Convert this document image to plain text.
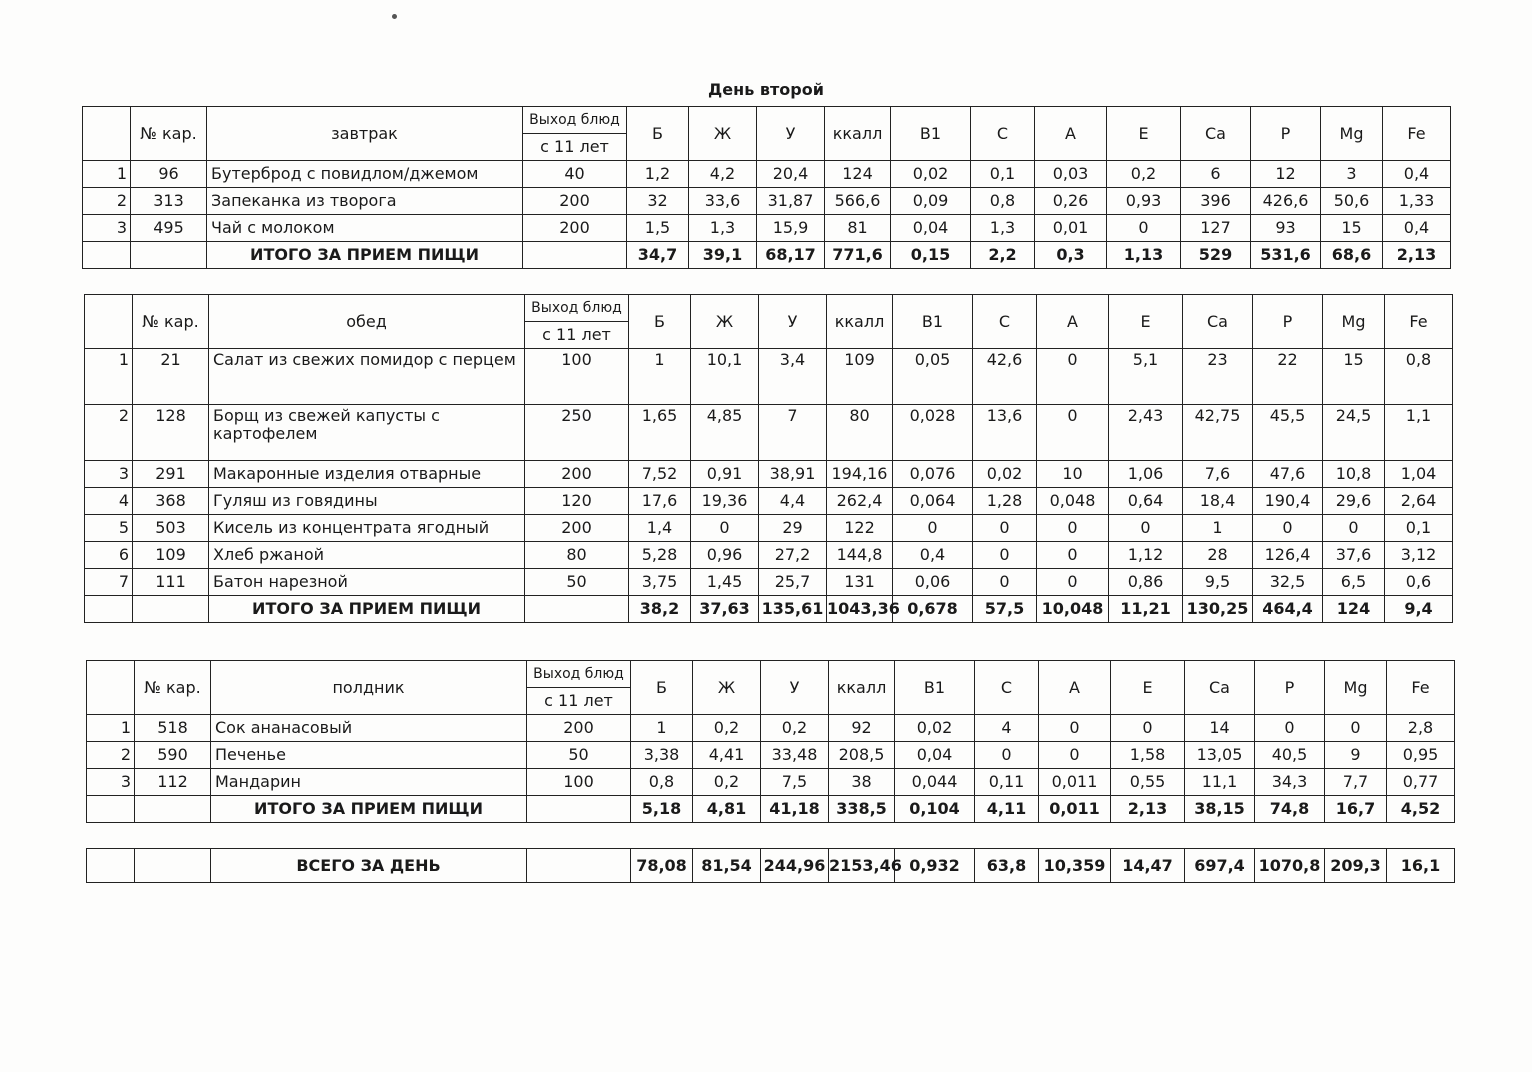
День второй
	№ кар.	завтрак	Выход блюд	Б	Ж	У	ккалл	В1	С	А	Е	Са	Р	Mg	Fe
			с 11 лет												
1	96	Бутерброд с повидлом/джемом	40	1,2	4,2	20,4	124	0,02	0,1	0,03	0,2	6	12	3	0,4
2	313	Запеканка из творога	200	32	33,6	31,87	566,6	0,09	0,8	0,26	0,93	396	426,6	50,6	1,33
3	495	Чай с молоком	200	1,5	1,3	15,9	81	0,04	1,3	0,01	0	127	93	15	0,4
		ИТОГО ЗА ПРИЕМ ПИЩИ		34,7	39,1	68,17	771,6	0,15	2,2	0,3	1,13	529	531,6	68,6	2,13
	№ кар.	обед	Выход блюд	Б	Ж	У	ккалл	В1	С	А	Е	Са	Р	Mg	Fe
			с 11 лет												
1	21	Салат из свежих помидор с перцем	100	1	10,1	3,4	109	0,05	42,6	0	5,1	23	22	15	0,8
2	128	Борщ из свежей капусты с картофелем	250	1,65	4,85	7	80	0,028	13,6	0	2,43	42,75	45,5	24,5	1,1
3	291	Макаронные изделия отварные	200	7,52	0,91	38,91	194,16	0,076	0,02	10	1,06	7,6	47,6	10,8	1,04
4	368	Гуляш из говядины	120	17,6	19,36	4,4	262,4	0,064	1,28	0,048	0,64	18,4	190,4	29,6	2,64
5	503	Кисель из концентрата ягодный	200	1,4	0	29	122	0	0	0	0	1	0	0	0,1
6	109	Хлеб ржаной	80	5,28	0,96	27,2	144,8	0,4	0	0	1,12	28	126,4	37,6	3,12
7	111	Батон нарезной	50	3,75	1,45	25,7	131	0,06	0	0	0,86	9,5	32,5	6,5	0,6
		ИТОГО ЗА ПРИЕМ ПИЩИ		38,2	37,63	135,61	1043,36	0,678	57,5	10,048	11,21	130,25	464,4	124	9,4
	№ кар.	полдник	Выход блюд	Б	Ж	У	ккалл	В1	С	А	Е	Са	Р	Mg	Fe
			с 11 лет												
1	518	Сок ананасовый	200	1	0,2	0,2	92	0,02	4	0	0	14	0	0	2,8
2	590	Печенье	50	3,38	4,41	33,48	208,5	0,04	0	0	1,58	13,05	40,5	9	0,95
3	112	Мандарин	100	0,8	0,2	7,5	38	0,044	0,11	0,011	0,55	11,1	34,3	7,7	0,77
		ИТОГО ЗА ПРИЕМ ПИЩИ		5,18	4,81	41,18	338,5	0,104	4,11	0,011	2,13	38,15	74,8	16,7	4,52
		ВСЕГО ЗА ДЕНЬ		78,08	81,54	244,96	2153,46	0,932	63,8	10,359	14,47	697,4	1070,8	209,3	16,1
